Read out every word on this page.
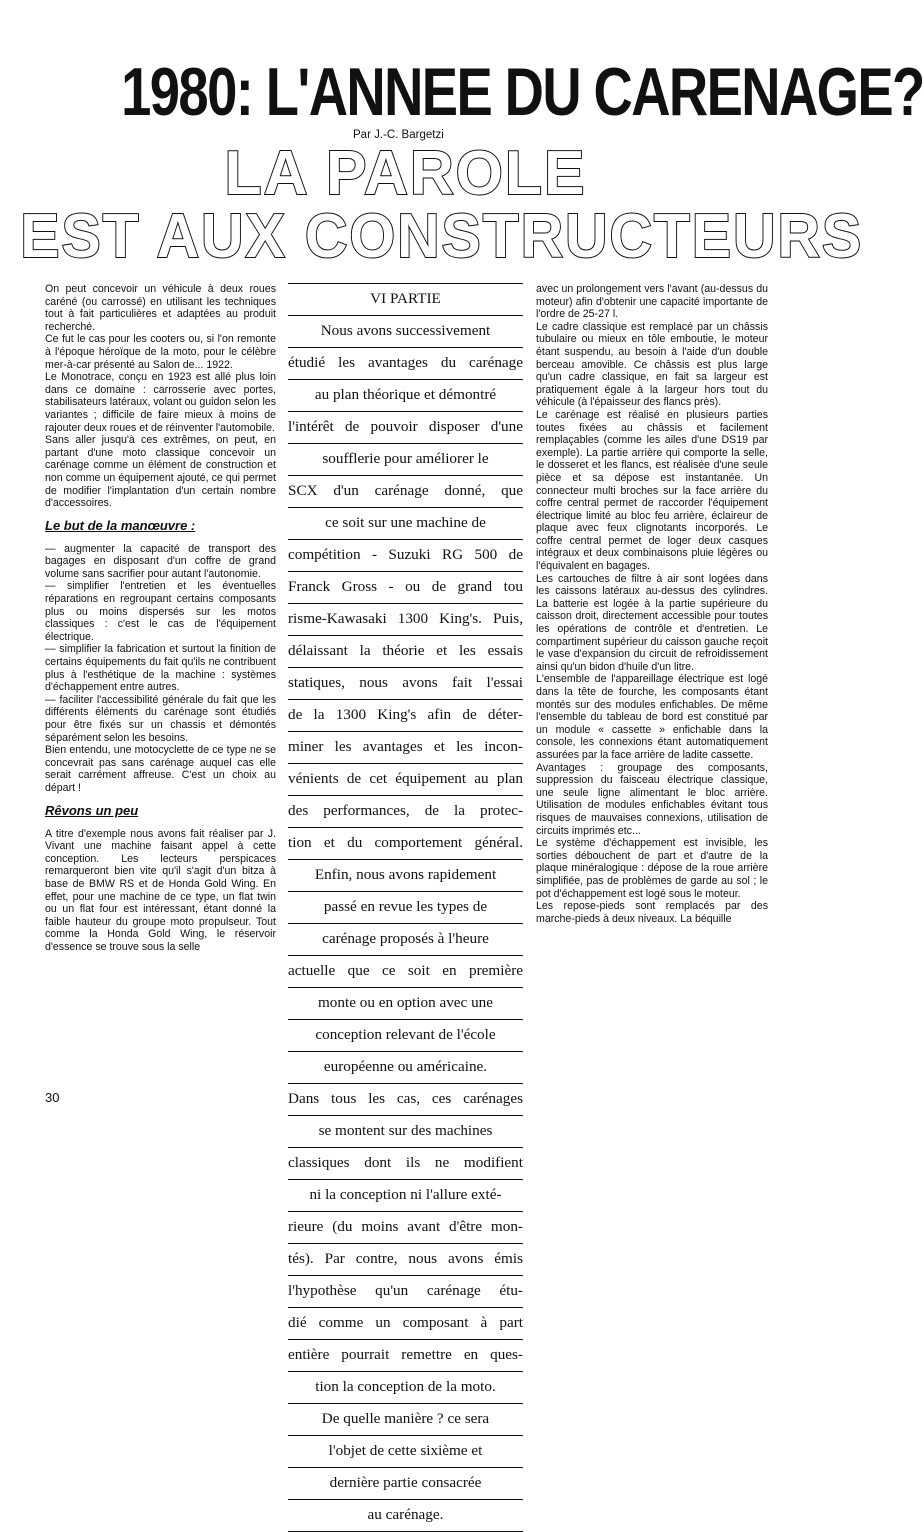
1980: L'ANNEE DU CARENAGE?
Par J.-C. Bargetzi
LA PAROLE
EST AUX CONSTRUCTEURS

On peut concevoir un véhicule à deux roues caréné (ou carrossé) en utilisant les techniques tout à fait particulières et adaptées au produit recherché.

Ce fut le cas pour les cooters ou, si l'on remonte à l'époque héroïque de la moto, pour le célèbre mer-à-car présenté au Salon de... 1922.

Le Monotrace, conçu en 1923 est allé plus loin dans ce domaine : carrosserie avec portes, stabilisateurs latéraux, volant ou guidon selon les variantes ; difficile de faire mieux à moins de rajouter deux roues et de réinventer l'automobile.

Sans aller jusqu'à ces extrêmes, on peut, en partant d'une moto classique concevoir un carénage comme un élément de construction et non comme un équipement ajouté, ce qui permet de modifier l'implantation d'un certain nombre d'accessoires.

Le but de la manœuvre :

— augmenter la capacité de transport des bagages en disposant d'un coffre de grand volume sans sacrifier pour autant l'autonomie.

— simplifier l'entretien et les éventuelles réparations en regroupant certains composants plus ou moins dispersés sur les motos classiques : c'est le cas de l'équipement électrique.

— simplifier la fabrication et surtout la finition de certains équipements du fait qu'ils ne contribuent plus à l'esthétique de la machine : systèmes d'échappement entre autres.

— faciliter l'accessibilité générale du fait que les différents éléments du carénage sont étudiés pour être fixés sur un chassis et démontés séparément selon les besoins.

Bien entendu, une motocyclette de ce type ne se concevrait pas sans carénage auquel cas elle serait carrément affreuse. C'est un choix au départ !

Rêvons un peu

A titre d'exemple nous avons fait réaliser par J. Vivant une machine faisant appel à cette conception. Les lecteurs perspicaces remarqueront bien vite qu'il s'agit d'un bitza à base de BMW RS et de Honda Gold Wing. En effet, pour une machine de ce type, un flat twin ou un flat four est intéressant, étant donné la faible hauteur du groupe moto propulseur. Tout comme la Honda Gold Wing, le réservoir d'essence se trouve sous la selle

30
VI PARTIE
Nous avons successivement
étudié les avantages du carénage
au plan théorique et démontré
l'intérêt de pouvoir disposer d'une
soufflerie pour améliorer le
SCX d'un carénage donné, que
ce soit sur une machine de
compétition - Suzuki RG 500 de
Franck Gross - ou de grand tou
risme-Kawasaki 1300 King's. Puis,
délaissant la théorie et les essais
statiques, nous avons fait l'essai
de la 1300 King's afin de déter-
miner les avantages et les incon-
vénients de cet équipement au plan
des performances, de la protec-
tion et du comportement général.
Enfin, nous avons rapidement
passé en revue les types de
carénage proposés à l'heure
actuelle que ce soit en première
monte ou en option avec une
conception relevant de l'école
européenne ou américaine.
Dans tous les cas, ces carénages
se montent sur des machines
classiques dont ils ne modifient
ni la conception ni l'allure exté-
rieure (du moins avant d'être mon-
tés). Par contre, nous avons émis
l'hypothèse qu'un carénage étu-
dié comme un composant à part
entière pourrait remettre en ques-
tion la conception de la moto.
De quelle manière ? ce sera
l'objet de cette sixième et
dernière partie consacrée
au carénage.

avec un prolongement vers l'avant (au-dessus du moteur) afin d'obtenir une capacité importante de l'ordre de 25-27 l.

Le cadre classique est remplacé par un châssis tubulaire ou mieux en tôle emboutie, le moteur étant suspendu, au besoin à l'aide d'un double berceau amovible. Ce châssis est plus large qu'un cadre classique, en fait sa largeur est pratiquement égale à la largeur hors tout du véhicule (à l'épaisseur des flancs près).

Le carénage est réalisé en plusieurs parties toutes fixées au châssis et facilement remplaçables (comme les ailes d'une DS19 par exemple). La partie arrière qui comporte la selle, le dosseret et les flancs, est réalisée d'une seule pièce et sa dépose est instantanée. Un connecteur multi broches sur la face arrière du coffre central permet de raccorder l'équipement électrique limité au bloc feu arrière, éclaireur de plaque avec feux clignotants incorporés. Le coffre central permet de loger deux casques intégraux et deux combinaisons pluie légères ou l'équivalent en bagages.

Les cartouches de filtre à air sont logées dans les caissons latéraux au-dessus des cylindres. La batterie est logée à la partie supérieure du caisson droit, directement accessible pour toutes les opérations de contrôle et d'entretien. Le compartiment supérieur du caisson gauche reçoit le vase d'expansion du circuit de refroidissement ainsi qu'un bidon d'huile d'un litre.

L'ensemble de l'appareillage électrique est logé dans la tête de fourche, les composants étant montés sur des modules enfichables. De même l'ensemble du tableau de bord est constitué par un module « cassette » enfichable dans la console, les connexions étant automatiquement assurées par la face arrière de ladite cassette.

Avantages : groupage des composants, suppression du faisceau électrique classique, une seule ligne alimentant le bloc arrière. Utilisation de modules enfichables évitant tous risques de mauvaises connexions, utilisation de circuits imprimés etc...

Le système d'échappement est invisible, les sorties débouchent de part et d'autre de la plaque minéralogique : dépose de la roue arrière simplifiée, pas de problèmes de garde au sol ; le pot d'échappement est logé sous le moteur.

Les repose-pieds sont remplacés par des marche-pieds à deux niveaux. La béquille
